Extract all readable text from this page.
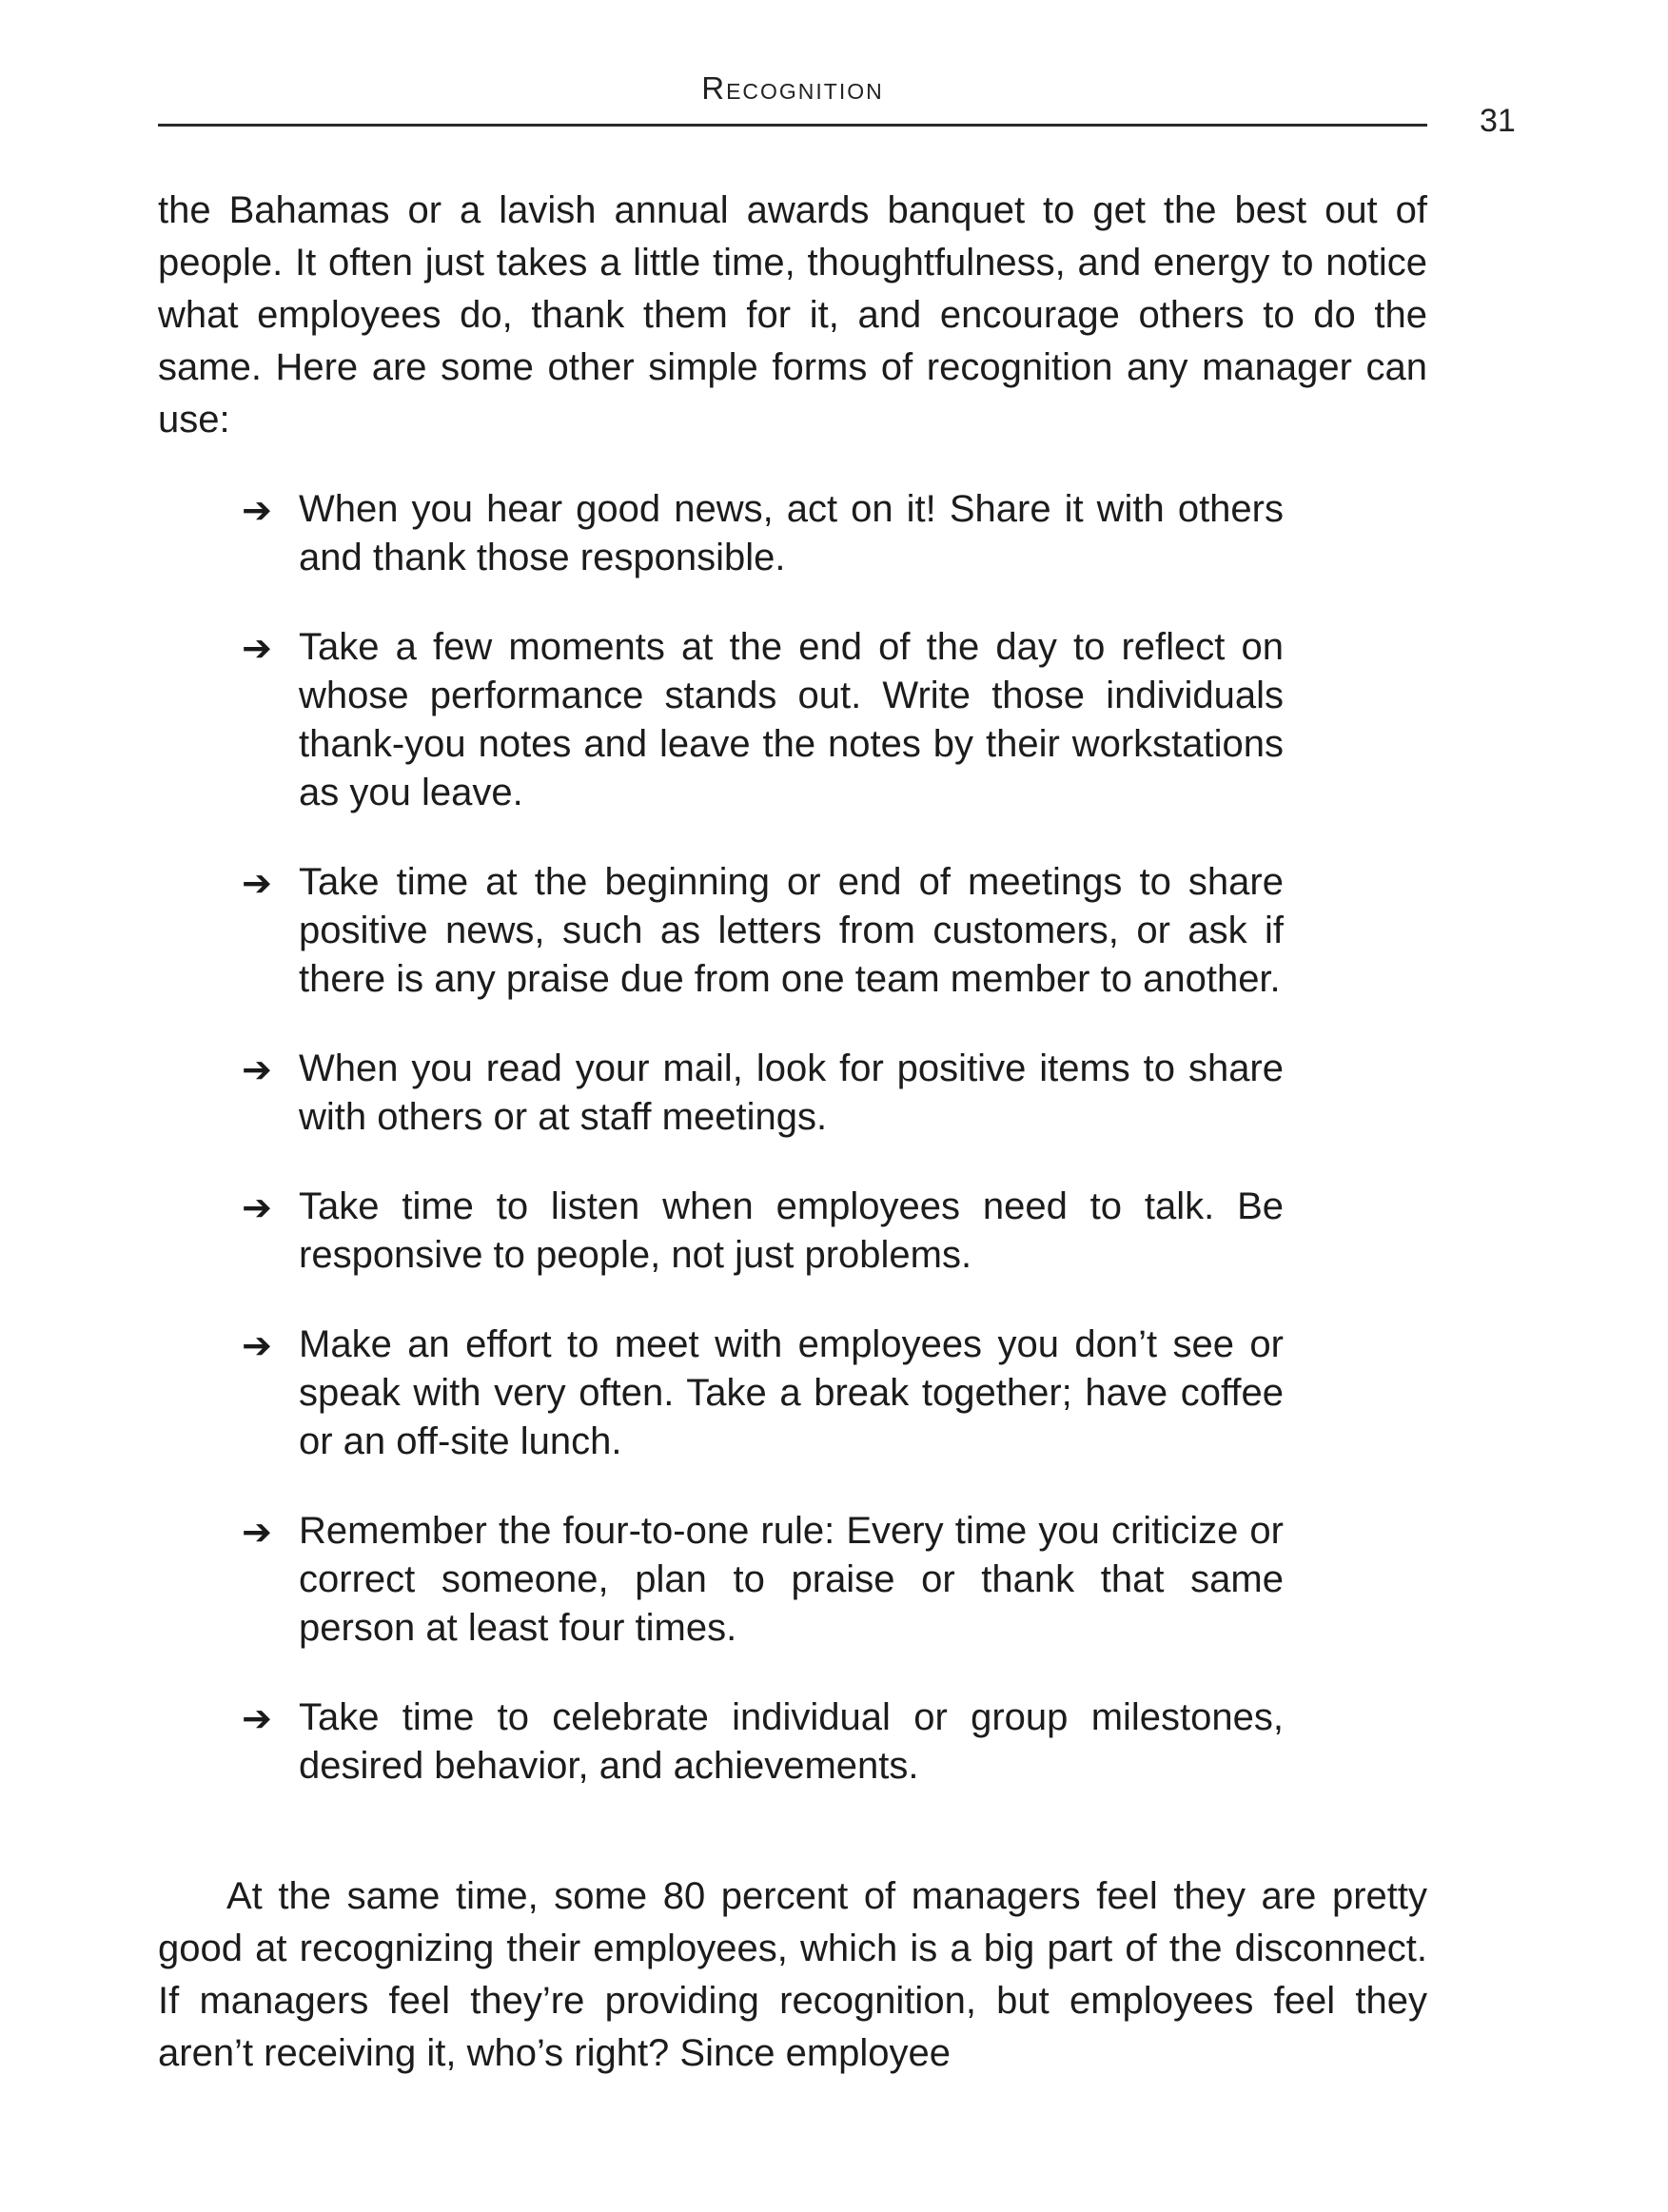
Recognition
31

the Bahamas or a lavish annual awards banquet to get the best out of people. It often just takes a little time, thoughtfulness, and energy to notice what employees do, thank them for it, and encourage others to do the same. Here are some other simple forms of recognition any manager can use:

➔ When you hear good news, act on it! Share it with others and thank those responsible.
➔ Take a few moments at the end of the day to reflect on whose performance stands out. Write those individuals thank-you notes and leave the notes by their workstations as you leave.
➔ Take time at the beginning or end of meetings to share positive news, such as letters from customers, or ask if there is any praise due from one team member to another.
➔ When you read your mail, look for positive items to share with others or at staff meetings.
➔ Take time to listen when employees need to talk. Be responsive to people, not just problems.
➔ Make an effort to meet with employees you don’t see or speak with very often. Take a break together; have coffee or an off-site lunch.
➔ Remember the four-to-one rule: Every time you criticize or correct someone, plan to praise or thank that same person at least four times.
➔ Take time to celebrate individual or group milestones, desired behavior, and achievements.

At the same time, some 80 percent of managers feel they are pretty good at recognizing their employees, which is a big part of the disconnect. If managers feel they’re providing recognition, but employees feel they aren’t receiving it, who’s right? Since employee
